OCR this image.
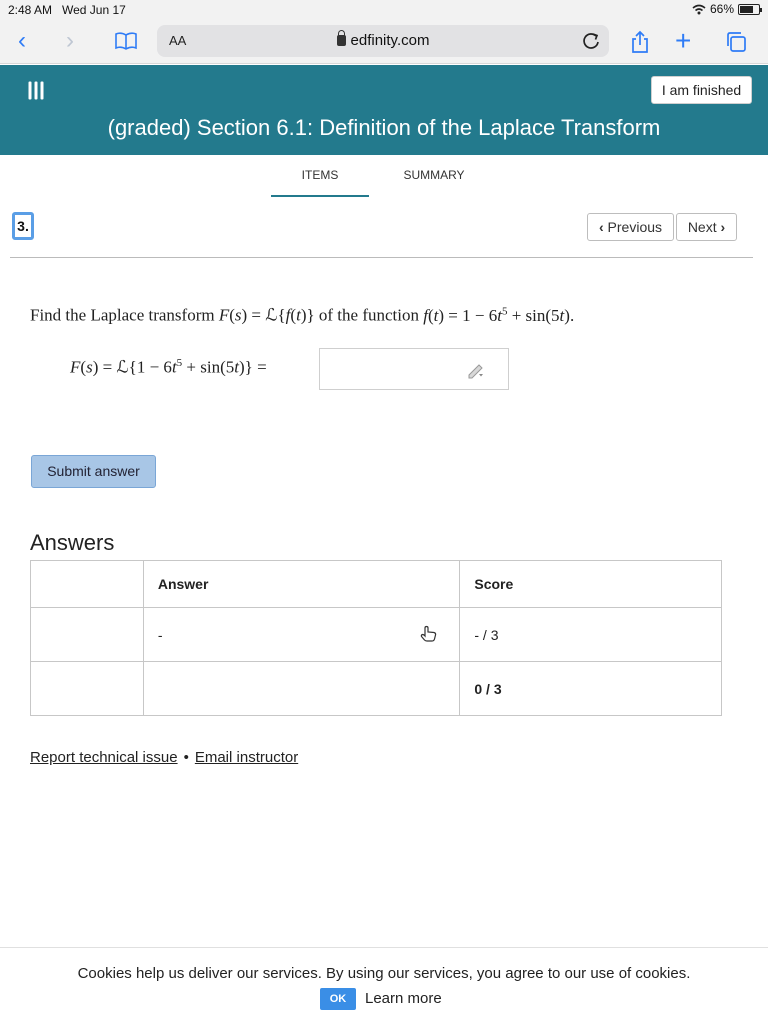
2:48 AM Wed Jun 17	66%
‹ ›	AA	edfinity.com	+
I am finished
(graded) Section 6.1: Definition of the Laplace Transform
ITEMS	SUMMARY
3.	‹ Previous	Next ›
Find the Laplace transform F(s) = ℒ{f(t)} of the function $f(t) = 1 - 6t^5 + \sin(5t)$.
F(s) = ℒ{1 − $6t^5 + \sin(5t)$} =
Submit answer
Answers
	Answer	Score
	-	- / 3
		0 / 3
Report technical issue • Email instructor
Cookies help us deliver our services. By using our services, you agree to our use of cookies.
OK	Learn more
